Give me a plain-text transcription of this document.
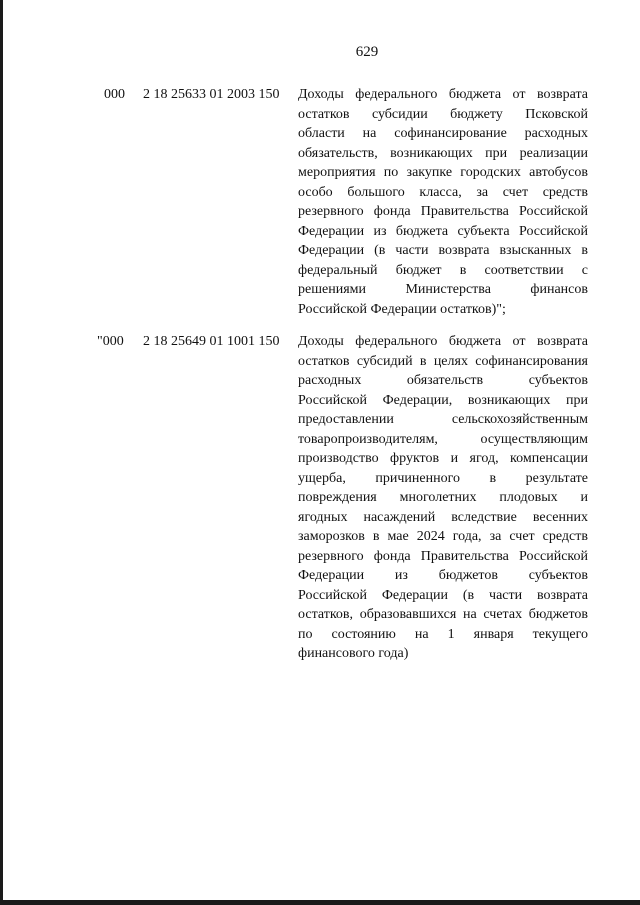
629
000 2 18 25633 01 2003 150 Доходы федерального бюджета от возврата
остатков субсидии бюджету Псковской
области на софинансирование расходных
обязательств, возникающих при реализации
мероприятия по закупке городских автобусов
особо большого класса, за счет средств
резервного фонда Правительства Российской
Федерации из бюджета субъекта Российской
Федерации (в части возврата взысканных в
федеральный бюджет в соответствии с
решениями Министерства финансов
Российской Федерации остатков)";
"000 2 18 25649 01 1001 150 Доходы федерального бюджета от возврата
остатков субсидий в целях софинансирования
расходных обязательств субъектов
Российской Федерации, возникающих при
предоставлении сельскохозяйственным
товаропроизводителям, осуществляющим
производство фруктов и ягод, компенсации
ущерба, причиненного в результате
повреждения многолетних плодовых и
ягодных насаждений вследствие весенних
заморозков в мае 2024 года, за счет средств
резервного фонда Правительства Российской
Федерации из бюджетов субъектов
Российской Федерации (в части возврата
остатков, образовавшихся на счетах бюджетов
по состоянию на 1 января текущего
финансового года)
